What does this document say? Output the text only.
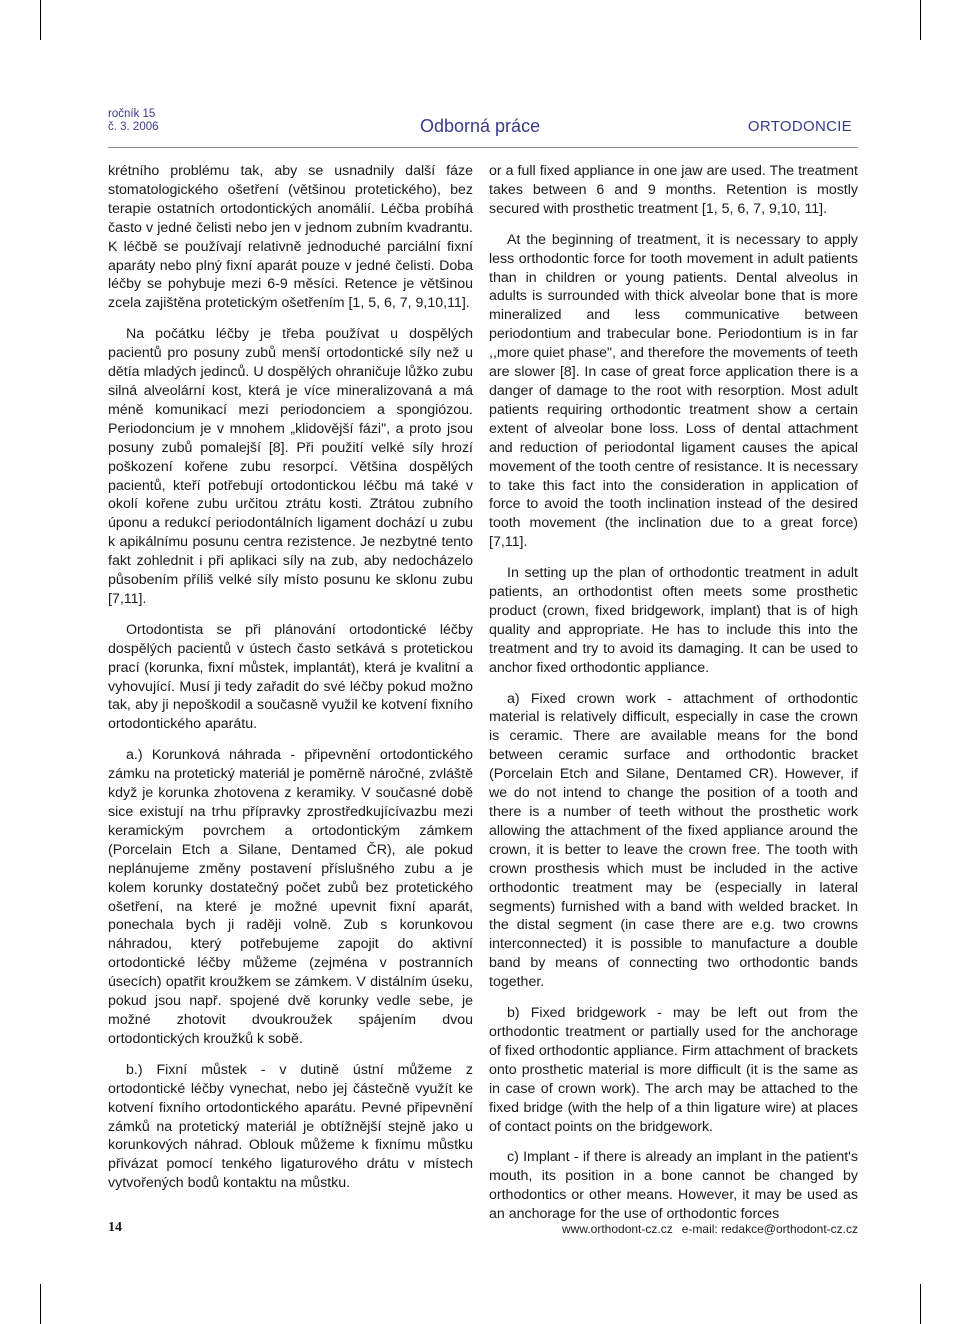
ročník 15
č. 3. 2006	Odborná práce	ORTODONCIE

krétního problému tak, aby se usnadnily další fáze stomatologického ošetření (většinou protetického), bez terapie ostatních ortodontických anomálií. Léčba probíhá často v jedné čelisti nebo jen v jednom zubním kvadrantu. K léčbě se používají relativně jednoduché parciální fixní aparáty nebo plný fixní aparát pouze v jedné čelisti. Doba léčby se pohybuje mezi 6-9 měsíci. Retence je většinou zcela zajištěna protetickým ošetřením [1, 5, 6, 7, 9,10,11].

Na počátku léčby je třeba používat u dospělých pacientů pro posuny zubů menší ortodontické síly než u dětía mladých jedinců. U dospělých ohraničuje lůžko zubu silná alveolární kost, která je více mineralizovaná a má méně komunikací mezi periodonciem a spongiózou. Periodoncium je v mnohem „klidovější fázi", a proto jsou posuny zubů pomalejší [8]. Při použití velké síly hrozí poškození kořene zubu resorpcí. Většina dospělých pacientů, kteří potřebují ortodontickou léčbu má také v okolí kořene zubu určitou ztrátu kosti. Ztrátou zubního úponu a redukcí periodontálních ligament dochází u zubu k apikálnímu posunu centra rezistence. Je nezbytné tento fakt zohlednit i při aplikaci síly na zub, aby nedocházelo působením příliš velké síly místo posunu ke sklonu zubu [7,11].

Ortodontista se při plánování ortodontické léčby dospělých pacientů v ústech často setkává s protetickou prací (korunka, fixní můstek, implantát), která je kvalitní a vyhovující. Musí ji tedy zařadit do své léčby pokud možno tak, aby ji nepoškodil a současně využil ke kotvení fixního ortodontického aparátu.

a.) Korunková náhrada - připevnění ortodontického zámku na protetický materiál je poměrně náročné, zvláště když je korunka zhotovena z keramiky. V současné době sice existují na trhu přípravky zprostředkujícívazbu mezi keramickým povrchem a ortodontickým zámkem (Porcelain Etch a Silane, Dentamed ČR), ale pokud neplánujeme změny postavení příslušného zubu a je kolem korunky dostatečný počet zubů bez protetického ošetření, na které je možné upevnit fixní aparát, ponechala bych ji raději volně. Zub s korunkovou náhradou, který potřebujeme zapojit do aktivní ortodontické léčby můžeme (zejména v postranních úsecích) opatřit kroužkem se zámkem. V distálním úseku, pokud jsou např. spojené dvě korunky vedle sebe, je možné zhotovit dvoukroužek spájením dvou ortodontických kroužků k sobě.

b.) Fixní můstek - v dutině ústní můžeme z ortodontické léčby vynechat, nebo jej částečně využít ke kotvení fixního ortodontického aparátu. Pevné připevnění zámků na protetický materiál je obtížnější stejně jako u korunkových náhrad. Oblouk můžeme k fixnímu můstku přivázat pomocí tenkého ligaturového drátu v místech vytvořených bodů kontaktu na můstku.

or a full fixed appliance in one jaw are used. The treatment takes between 6 and 9 months. Retention is mostly secured with prosthetic treatment [1, 5, 6, 7, 9,10, 11].

At the beginning of treatment, it is necessary to apply less orthodontic force for tooth movement in adult patients than in children or young patients. Dental alveolus in adults is surrounded with thick alveolar bone that is more mineralized and less communicative between periodontium and trabecular bone. Periodontium is in far ,,more quiet phase", and therefore the movements of teeth are slower [8]. In case of great force application there is a danger of damage to the root with resorption. Most adult patients requiring orthodontic treatment show a certain extent of alveolar bone loss. Loss of dental attachment and reduction of periodontal ligament causes the apical movement of the tooth centre of resistance. It is necessary to take this fact into the consideration in application of force to avoid the tooth inclination instead of the desired tooth movement (the inclination due to a great force) [7,11].

In setting up the plan of orthodontic treatment in adult patients, an orthodontist often meets some prosthetic product (crown, fixed bridgework, implant) that is of high quality and appropriate. He has to include this into the treatment and try to avoid its damaging. It can be used to anchor fixed orthodontic appliance.

a) Fixed crown work - attachment of orthodontic material is relatively difficult, especially in case the crown is ceramic. There are available means for the bond between ceramic surface and orthodontic bracket (Porcelain Etch and Silane, Dentamed CR). However, if we do not intend to change the position of a tooth and there is a number of teeth without the prosthetic work allowing the attachment of the fixed appliance around the crown, it is better to leave the crown free. The tooth with crown prosthesis which must be included in the active orthodontic treatment may be (especially in lateral segments) furnished with a band with welded bracket. In the distal segment (in case there are e.g. two crowns interconnected) it is possible to manufacture a double band by means of connecting two orthodontic bands together.

b) Fixed bridgework - may be left out from the orthodontic treatment or partially used for the anchorage of fixed orthodontic appliance. Firm attachment of brackets onto prosthetic material is more difficult (it is the same as in case of crown work). The arch may be attached to the fixed bridge (with the help of a thin ligature wire) at places of contact points on the bridgework.

c) Implant - if there is already an implant in the patient's mouth, its position in a bone cannot be changed by orthodontics or other means. However, it may be used as an anchorage for the use of orthodontic forces

14	www.orthodont-cz.cz e-mail: redakce@orthodont-cz.cz
